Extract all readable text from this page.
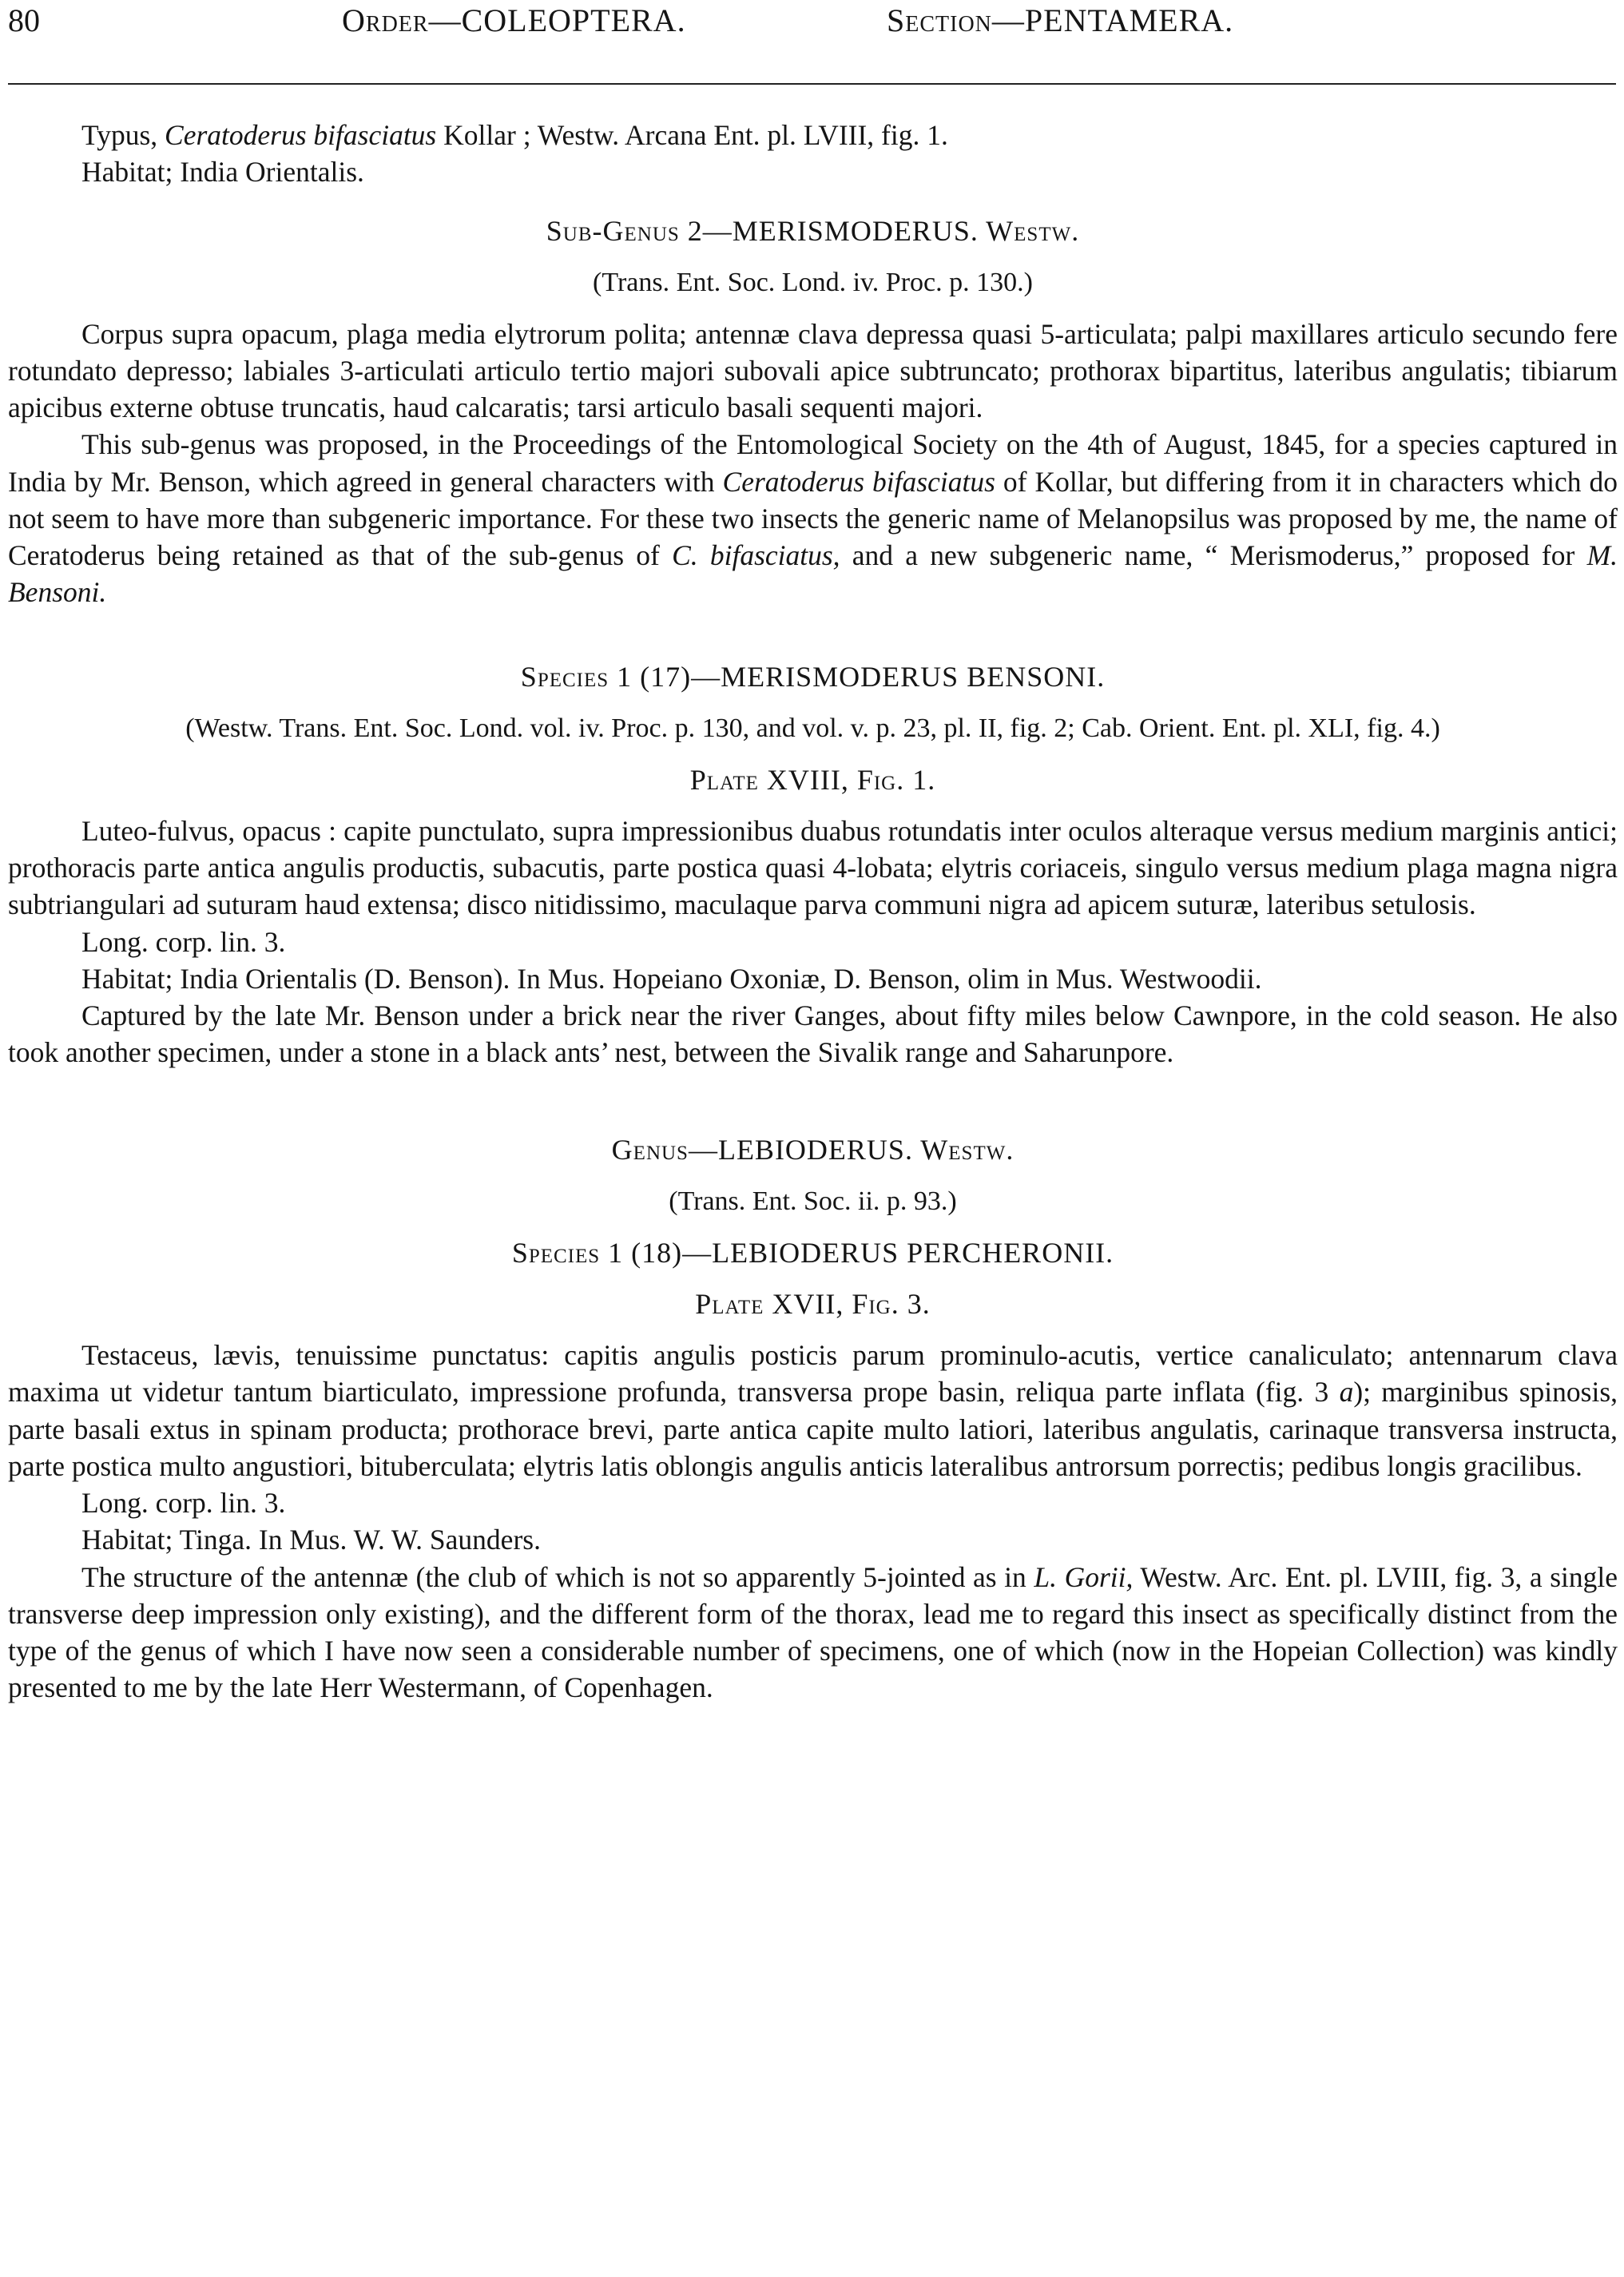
80	Order—COLEOPTERA.	Section—PENTAMERA.

Typus, Ceratoderus bifasciatus Kollar ; Westw. Arcana Ent. pl. LVIII, fig. 1.

Habitat; India Orientalis.

Sub-Genus 2—MERISMODERUS. Westw.

(Trans. Ent. Soc. Lond. iv. Proc. p. 130.)

Corpus supra opacum, plaga media elytrorum polita; antennæ clava depressa quasi 5-articulata; palpi maxillares articulo secundo fere rotundato depresso; labiales 3-articulati articulo tertio majori subovali apice subtruncato; prothorax bipartitus, lateribus angulatis; tibiarum apicibus externe obtuse truncatis, haud calcaratis; tarsi articulo basali sequenti majori.

This sub-genus was proposed, in the Proceedings of the Entomological Society on the 4th of August, 1845, for a species captured in India by Mr. Benson, which agreed in general characters with Ceratoderus bifasciatus of Kollar, but differing from it in characters which do not seem to have more than subgeneric importance. For these two insects the generic name of Melanopsilus was proposed by me, the name of Ceratoderus being retained as that of the sub-genus of C. bifasciatus, and a new subgeneric name, “ Merismoderus,” proposed for M. Bensoni.

Species 1 (17)—MERISMODERUS BENSONI.

(Westw. Trans. Ent. Soc. Lond. vol. iv. Proc. p. 130, and vol. v. p. 23, pl. II, fig. 2; Cab. Orient. Ent. pl. XLI, fig. 4.)

Plate XVIII, Fig. 1.

Luteo-fulvus, opacus : capite punctulato, supra impressionibus duabus rotundatis inter oculos alteraque versus medium marginis antici; prothoracis parte antica angulis productis, subacutis, parte postica quasi 4-lobata; elytris coriaceis, singulo versus medium plaga magna nigra subtriangulari ad suturam haud extensa; disco nitidissimo, maculaque parva communi nigra ad apicem suturæ, lateribus setulosis.

Long. corp. lin. 3.

Habitat; India Orientalis (D. Benson). In Mus. Hopeiano Oxoniæ, D. Benson, olim in Mus. Westwoodii.

Captured by the late Mr. Benson under a brick near the river Ganges, about fifty miles below Cawnpore, in the cold season. He also took another specimen, under a stone in a black ants’ nest, between the Sivalik range and Saharunpore.

Genus—LEBIODERUS. Westw.

(Trans. Ent. Soc. ii. p. 93.)

Species 1 (18)—LEBIODERUS PERCHERONII.

Plate XVII, Fig. 3.

Testaceus, lævis, tenuissime punctatus: capitis angulis posticis parum prominulo-acutis, vertice canaliculato; antennarum clava maxima ut videtur tantum biarticulato, impressione profunda, transversa prope basin, reliqua parte inflata (fig. 3 a); marginibus spinosis, parte basali extus in spinam producta; prothorace brevi, parte antica capite multo latiori, lateribus angulatis, carinaque transversa instructa, parte postica multo angustiori, bituberculata; elytris latis oblongis angulis anticis lateralibus antrorsum porrectis; pedibus longis gracilibus.

Long. corp. lin. 3.

Habitat; Tinga. In Mus. W. W. Saunders.

The structure of the antennæ (the club of which is not so apparently 5-jointed as in L. Gorii, Westw. Arc. Ent. pl. LVIII, fig. 3, a single transverse deep impression only existing), and the different form of the thorax, lead me to regard this insect as specifically distinct from the type of the genus of which I have now seen a considerable number of specimens, one of which (now in the Hopeian Collection) was kindly presented to me by the late Herr Westermann, of Copenhagen.
